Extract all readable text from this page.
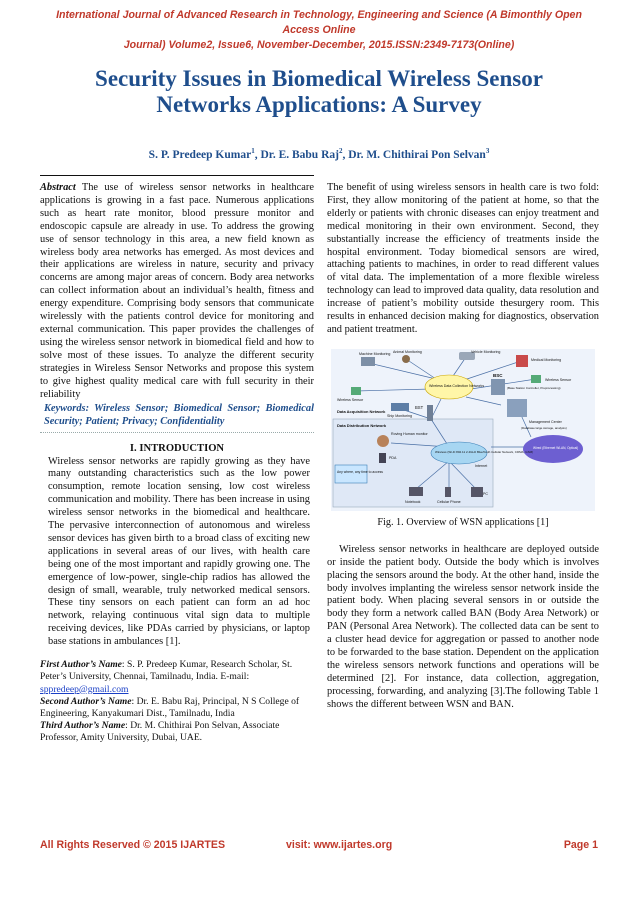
International Journal of Advanced Research in Technology, Engineering and Science (A Bimonthly Open Access Online
Journal) Volume2, Issue6, November-December, 2015.ISSN:2349-7173(Online)
Security Issues in Biomedical Wireless Sensor
Networks Applications: A Survey
S. P. Predeep Kumar$^1$, Dr. E. Babu Raj$^2$, Dr. M. Chithirai Pon Selvan$^3$

Abstract The use of wireless sensor networks in healthcare applications is growing in a fast pace. Numerous applications such as heart rate monitor, blood pressure monitor and endoscopic capsule are already in use. To address the growing use of sensor technology in this area, a new field known as wireless body area networks has emerged. As most devices and their applications are wireless in nature, security and privacy concerns are among major areas of concern. Body area networks can collect information about an individual’s health, fitness and energy expenditure. Comprising body sensors that communicate wirelessly with the patients control device for monitoring and external communication. This paper provides the challenges of using the wireless sensor network in biomedical field and how to solve most of these issues. To analyze the different security strategies in Wireless Sensor Networks and propose this system to give highest quality medical care with full security in their reliability

Keywords: Wireless Sensor; Biomedical Sensor; Biomedical Security; Patient; Privacy; Confidentiality

I. INTRODUCTION

Wireless sensor networks are rapidly growing as they have many outstanding characteristics such as the low power consumption, remote location sensing, low cost wireless communication and mobility. There has been increase in using wireless sensor networks in the biomedical and healthcare. The pervasive interconnection of autonomous and wireless sensor devices has given birth to a broad class of exciting new applications in several areas of our lives, with health care being one of the most important and rapidly growing one. The emergence of low-power, single-chip radios has allowed the design of small, wearable, truly networked medical sensors. These tiny sensors on each patient can form an ad hoc network, relaying continuous vital sign data to multiple receiving devices, like PDAs carried by physicians, or laptop base stations in ambulances [1].

First Author’s Name: S. P. Predeep Kumar, Research Scholar, St. Peter’s University, Chennai, Tamilnadu, India. E-mail: sppredeep@gmail.com

Second Author’s Name: Dr. E. Babu Raj, Principal, N S College of Engineering, Kanyakumari Dist., Tamilnadu, India

Third Author’s Name: Dr. M. Chithirai Pon Selvan, Associate Professor, Amity University, Dubai, UAE.

The benefit of using wireless sensors in health care is two fold: First, they allow monitoring of the patient at home, so that the elderly or patients with chronic diseases can enjoy treatment and medical monitoring in their own environment. Second, they substantially increase the efficiency of treatments inside the hospital environment. Today biomedical sensors are wired, attaching patients to machines, in order to read different values of vital data. The implementation of a more flexible wireless technology can lead to improved data quality, data resolution and increase of patient’s mobility outside thesurgery room. This results in enhanced decision making for diagnostics, observation and patient treatment.

Machine Monitoring Animal Monitoring	Vehicle Monitoring
Medical Monitoring
Wireless Sensor
Wireless Sensor
Wireless Data Collection Networks
BSC
(Base Station Controller, Preprocessing)
Ship Monitoring
BST
Data Acquisition Network
Data Distribution Network
Management Center
(Database large storage, analysis)
Roving Human monitor
PDA
Any where, any time to access
Notebook	Cellular Phone
PC
Internet
Wireless (Wi-Fi 802.11 2.4GHz BlueTooth Cellular Network, CDMA, GSM)
Wired (Ethernet WLAN, Optical)

Fig. 1. Overview of WSN applications [1]

Wireless sensor networks in healthcare are deployed outside or inside the patient body. Outside the body which is involves placing the sensors around the body. At the other hand, inside the body involves implanting the wireless sensor network inside the patient body. When placing several sensors in or outside the body they form a network called BAN (Body Area Network) or PAN (Personal Area Network). The collected data can be sent to a cluster head device for aggregation or passed to another node to be forwarded to the base station. Dependent on the application the wireless sensors network functions and operations will be determined [2]. For instance, data collection, aggregation, processing, forwarding, and analyzing [3].The following Table 1 shows the different between WSN and BAN.

All Rights Reserved © 2015 IJARTES	visit: www.ijartes.org	Page 1
